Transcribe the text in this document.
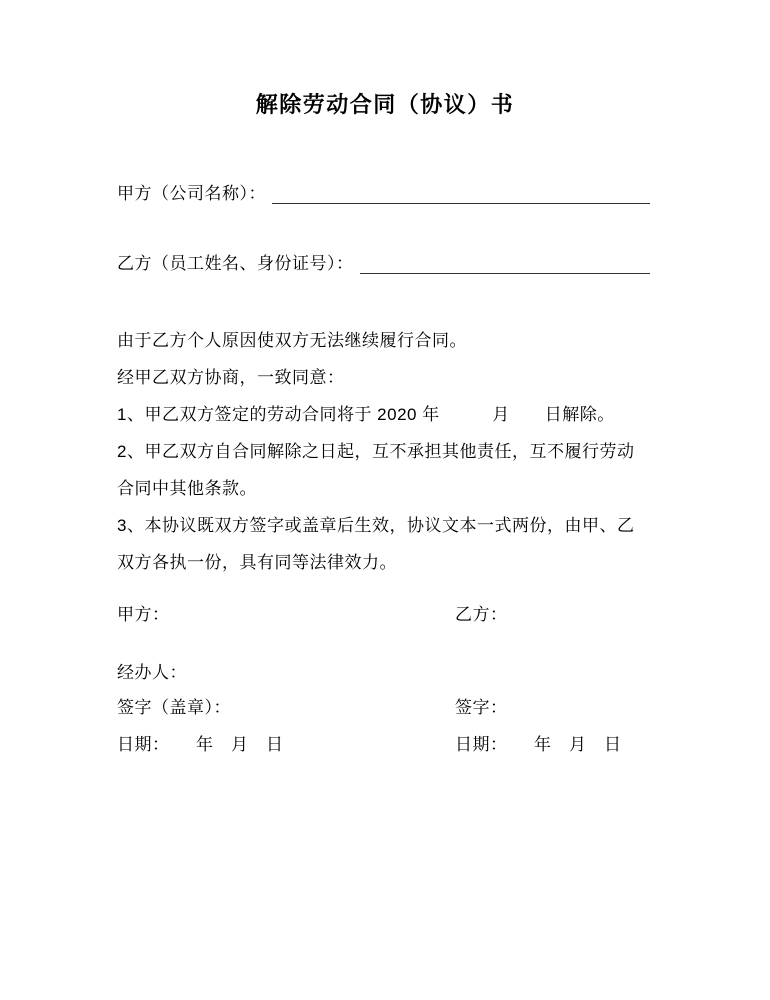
解除劳动合同（协议）书
甲方（公司名称）：
乙方（员工姓名、身份证号）：
由于乙方个人原因使双方无法继续履行合同。
经甲乙双方协商，一致同意：
1、甲乙双方签定的劳动合同将于 2020 年　　　月　　日解除。
2、甲乙双方自合同解除之日起，互不承担其他责任，互不履行劳动
合同中其他条款。
3、本协议既双方签字或盖章后生效，协议文本一式两份，由甲、乙
双方各执一份，具有同等法律效力。
甲方：	乙方：
经办人：
签字（盖章）：	签字：
日期：　　年　月　日	日期：　　年　月　日
